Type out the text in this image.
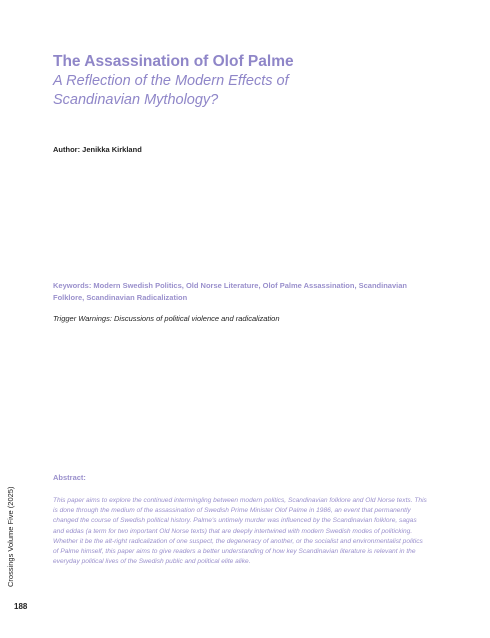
The Assassination of Olof Palme
A Reflection of the Modern Effects of
Scandinavian Mythology?
Author: Jenikka Kirkland
Keywords: Modern Swedish Politics, Old Norse Literature, Olof Palme Assassination, Scandinavian Folklore, Scandinavian Radicalization
Trigger Warnings: Discussions of political violence and radicalization
Abstract:
This paper aims to explore the continued intermingling between modern politics, Scandinavian folklore and Old Norse texts. This is done through the medium of the assassination of Swedish Prime Minister Olof Palme in 1986, an event that permanently changed the course of Swedish political history. Palme's untimely murder was influenced by the Scandinavian folklore, sagas and eddas (a term for two important Old Norse texts) that are deeply intertwined with modern Swedish modes of politicking. Whether it be the alt-right radicalization of one suspect, the degeneracy of another, or the socialist and environmentalist politics of Palme himself, this paper aims to give readers a better understanding of how key Scandinavian literature is relevant in the everyday political lives of the Swedish public and political elite alike.
Crossings Volume Five (2025)
188
